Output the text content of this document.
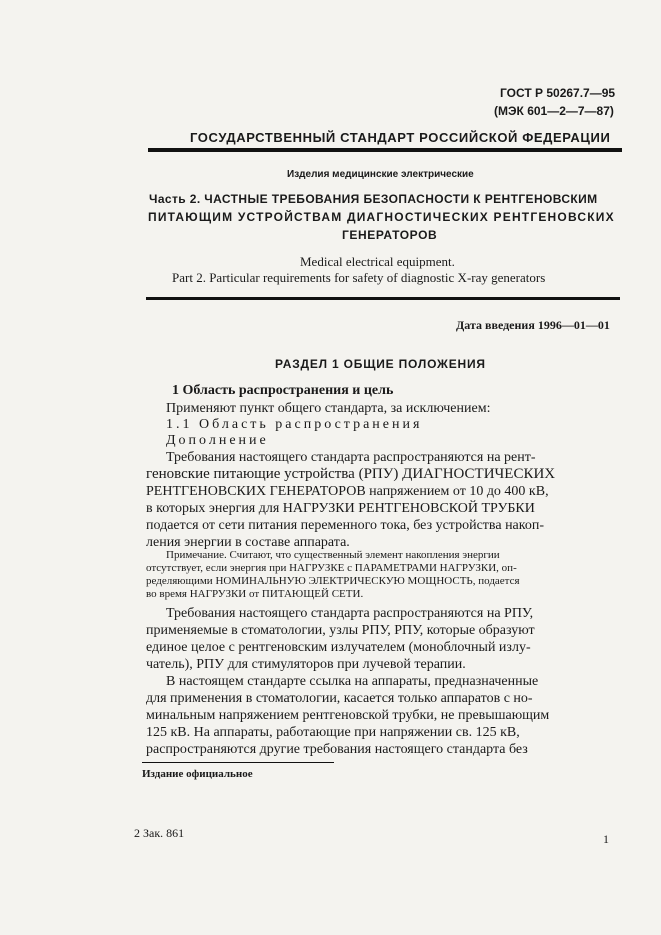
ГОСТ Р 50267.7—95
(МЭК 601—2—7—87)
ГОСУДАРСТВЕННЫЙ СТАНДАРТ РОССИЙСКОЙ ФЕДЕРАЦИИ
Изделия медицинские электрические
Часть 2. ЧАСТНЫЕ ТРЕБОВАНИЯ БЕЗОПАСНОСТИ К РЕНТГЕНОВСКИМ
ПИТАЮЩИМ УСТРОЙСТВАМ ДИАГНОСТИЧЕСКИХ РЕНТГЕНОВСКИХ
ГЕНЕРАТОРОВ
Medical electrical equipment.
Part 2. Particular requirements for safety of diagnostic X-ray generators
Дата введения 1996—01—01
РАЗДЕЛ 1 ОБЩИЕ ПОЛОЖЕНИЯ
1 Область распространения и цель
Применяют пункт общего стандарта, за исключением:
1.1 Область распространения
Дополнение
Требования настоящего стандарта распространяются на рент-
геновские питающие устройства (РПУ) ДИАГНОСТИЧЕСКИХ
РЕНТГЕНОВСКИХ ГЕНЕРАТОРОВ напряжением от 10 до 400 кВ,
в которых энергия для НАГРУЗКИ РЕНТГЕНОВСКОЙ ТРУБКИ
подается от сети питания переменного тока, без устройства накоп-
ления энергии в составе аппарата.
Примечание. Считают, что существенный элемент накопления энергии
отсутствует, если энергия при НАГРУЗКЕ с ПАРАМЕТРАМИ НАГРУЗКИ, оп-
ределяющими НОМИНАЛЬНУЮ ЭЛЕКТРИЧЕСКУЮ МОЩНОСТЬ, подается
во время НАГРУЗКИ от ПИТАЮЩЕЙ СЕТИ.
Требования настоящего стандарта распространяются на РПУ,
применяемые в стоматологии, узлы РПУ, РПУ, которые образуют
единое целое с рентгеновским излучателем (моноблочный излу-
чатель), РПУ для стимуляторов при лучевой терапии.
В настоящем стандарте ссылка на аппараты, предназначенные
для применения в стоматологии, касается только аппаратов с но-
минальным напряжением рентгеновской трубки, не превышающим
125 кВ. На аппараты, работающие при напряжении св. 125 кВ,
распространяются другие требования настоящего стандарта без
Издание официальное
2 Зак. 861	1
